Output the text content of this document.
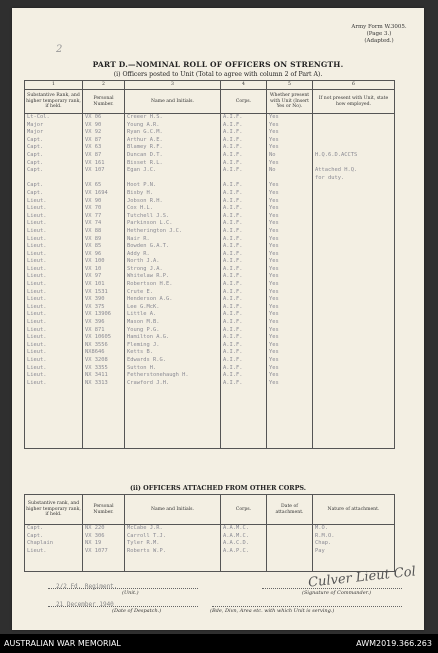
Army Form W.3005.
(Page 3.)
(Adapted.)
2
PART D.—NOMINAL ROLL OF OFFICERS ON STRENGTH.
(i) Officers posted to Unit (Total to agree with column 2 of Part A).
1	2	3	4	5	6
Substantive Rank, and higher temporary rank, if held.	Personal Number.	Name and Initials.	Corps.	Whether present with Unit (Insert Yes or No).	If not present with Unit, state how employed.
Lt-Col.	VX 06	Creeer H.S.	A.I.F.	Yes	
Major	VX 90	Young A.R.	A.I.F.	Yes	
Major	VX 92	Ryan G.C.M.	A.I.F.	Yes	
Capt.	VX 87	Arthur A.E.	A.I.F.	Yes	
Capt.	VX 63	Blamey R.F.	A.I.F.	Yes	
Capt.	VX 87	Duncan D.T.	A.I.F.	No	H.Q.6.D.ACCTS
Capt.	VX 161	Bisset R.L.	A.I.F.	Yes	
Capt.	VX 107	Egan J.C.	A.I.F.	No	Attached H.Q.
					for duty.
Capt.	VX 65	Hoot P.N.	A.I.F.	Yes	
Capt.	VX 1694	Bisby H.	A.I.F.	Yes	
Lieut.	VX 90	Jobson R.H.	A.I.F.	Yes	
Lieut.	VX 70	Cox H.L.	A.I.F.	Yes	
Lieut.	VX 77	Tutchell J.S.	A.I.F.	Yes	
Lieut.	VX 74	Parkinson L.C.	A.I.F.	Yes	
Lieut.	VX 88	Hetherington J.C.	A.I.F.	Yes	
Lieut.	VX 89	Nair R.	A.I.F.	Yes	
Lieut.	VX 85	Bowden G.A.T.	A.I.F.	Yes	
Lieut.	VX 96	Addy R.	A.I.F.	Yes	
Lieut.	VX 100	North J.A.	A.I.F.	Yes	
Lieut.	VX 10	Strong J.A.	A.I.F.	Yes	
Lieut.	VX 97	Whitelaw R.P.	A.I.F.	Yes	
Lieut.	VX 101	Robertson H.E.	A.I.F.	Yes	
Lieut.	VX 1531	Crute E.	A.I.F.	Yes	
Lieut.	VX 390	Henderson A.G.	A.I.F.	Yes	
Lieut.	VX 375	Lee G.McK.	A.I.F.	Yes	
Lieut.	VX 13906	Little A.	A.I.F.	Yes	
Lieut.	VX 396	Mason M.B.	A.I.F.	Yes	
Lieut.	VX 871	Young P.G.	A.I.F.	Yes	
Lieut.	VX 10605	Hamilton A.G.	A.I.F.	Yes	
Lieut.	NX 3556	Fleming J.	A.I.F.	Yes	
Lieut.	NX8646	Ketts B.	A.I.F.	Yes	
Lieut.	VX 3208	Edwards R.G.	A.I.F.	Yes	
Lieut.	VX 3355	Sutton H.	A.I.F.	Yes	
Lieut.	NX 3411	Fetherstonehaugh H.	A.I.F.	Yes	
Lieut.	NX 3313	Crawford J.H.	A.I.F.	Yes	

(ii) OFFICERS ATTACHED FROM OTHER CORPS.
Substantive rank, and higher temporary rank, if held.	Personal Number.	Name and Initials.	Corps.	Date of attachment.	Nature of attachment.
Capt.	NX 220	McCabe J.R.	A.A.M.C.		M.O.
Capt.	VX 306	Carroll T.J.	A.A.M.C.		R.M.O.
Chaplain	NX 19	Tyler R.M.	A.A.C.D.		Chap.
Lieut.	VX 1077	Roberts W.P.	A.A.P.C.		Pay

2/2 Fd. Regiment.
(Unit.)
Culver Lieut Col
(Signature of Commander.)
21 December 1940
(Date of Despatch.)	(Bde, Divn, Area etc. with which Unit is serving.)
AUSTRALIAN WAR MEMORIAL	AWM2019.366.263
